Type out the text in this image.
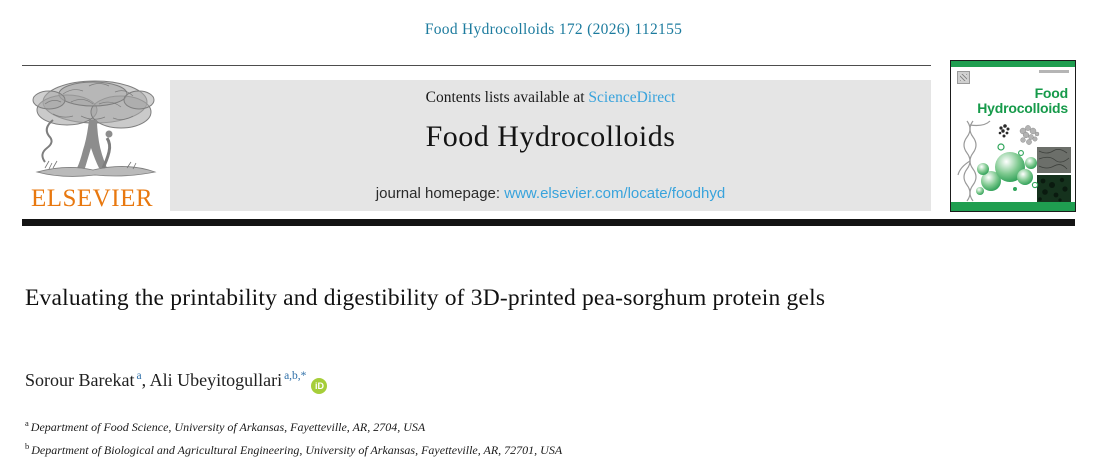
Food Hydrocolloids 172 (2026) 112155
ELSEVIER
Contents lists available at ScienceDirect
Food Hydrocolloids
journal homepage: www.elsevier.com/locate/foodhyd
Food
Hydrocolloids
Evaluating the printability and digestibility of 3D-printed pea-sorghum protein gels
Sorour Barekat $^a$, Ali Ubeyitogullari $^{a,b,*}$iD
$^a$ Department of Food Science, University of Arkansas, Fayetteville, AR, 2704, USA
$^b$ Department of Biological and Agricultural Engineering, University of Arkansas, Fayetteville, AR, 72701, USA
